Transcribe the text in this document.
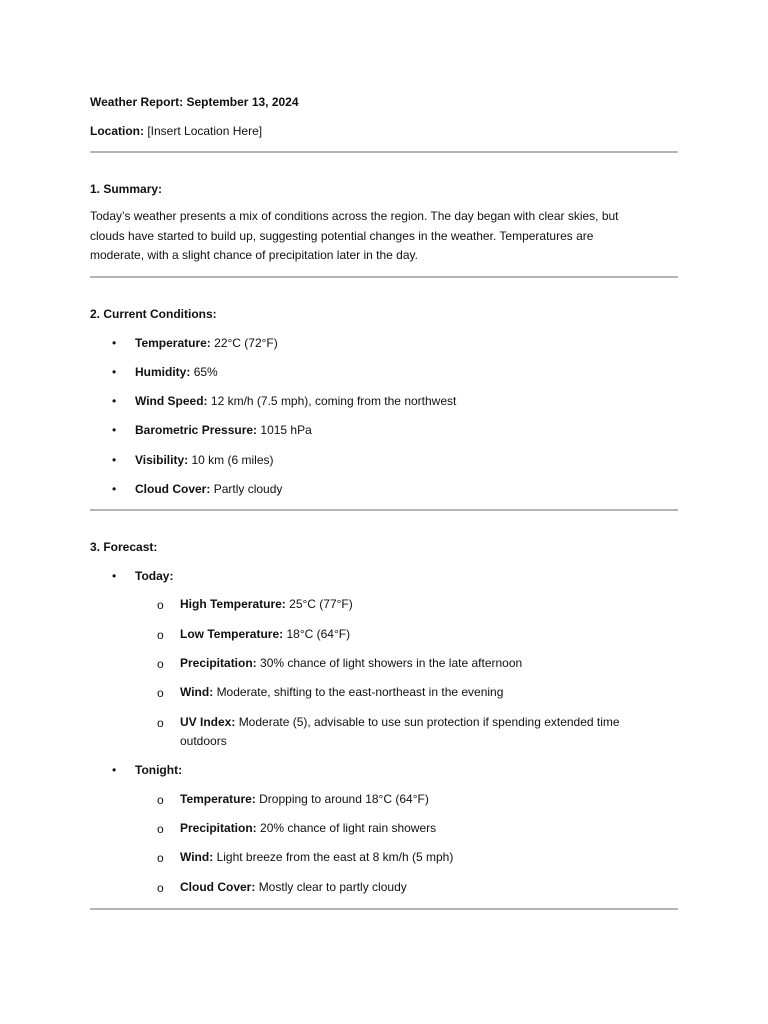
Weather Report: September 13, 2024
Location: [Insert Location Here]
1. Summary:
Today’s weather presents a mix of conditions across the region. The day began with clear skies, but clouds have started to build up, suggesting potential changes in the weather. Temperatures are moderate, with a slight chance of precipitation later in the day.
2. Current Conditions:
•	Temperature: 22°C (72°F)
•	Humidity: 65%
•	Wind Speed: 12 km/h (7.5 mph), coming from the northwest
•	Barometric Pressure: 1015 hPa
•	Visibility: 10 km (6 miles)
•	Cloud Cover: Partly cloudy
3. Forecast:
•	Today:
o High Temperature: 25°C (77°F)
o Low Temperature: 18°C (64°F)
o Precipitation: 30% chance of light showers in the late afternoon
o Wind: Moderate, shifting to the east-northeast in the evening
o UV Index: Moderate (5), advisable to use sun protection if spending extended time outdoors
•	Tonight:
o Temperature: Dropping to around 18°C (64°F)
o Precipitation: 20% chance of light rain showers
o Wind: Light breeze from the east at 8 km/h (5 mph)
o Cloud Cover: Mostly clear to partly cloudy
